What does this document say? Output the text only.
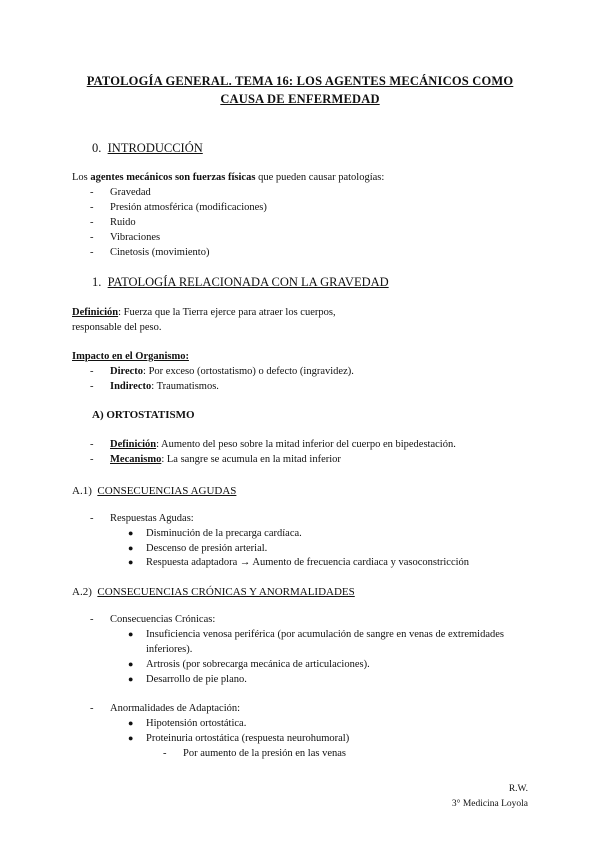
PATOLOGÍA GENERAL. TEMA 16: LOS AGENTES MECÁNICOS COMO
CAUSA DE ENFERMEDAD
0. INTRODUCCIÓN
Los agentes mecánicos son fuerzas físicas que pueden causar patologías:
- Gravedad
- Presión atmosférica (modificaciones)
- Ruido
- Vibraciones
- Cinetosis (movimiento)
1. PATOLOGÍA RELACIONADA CON LA GRAVEDAD
Definición: Fuerza que la Tierra ejerce para atraer los cuerpos,
responsable del peso.
Impacto en el Organismo:
- Directo: Por exceso (ortostatismo) o defecto (ingravidez).
- Indirecto: Traumatismos.
A) ORTOSTATISMO
- Definición: Aumento del peso sobre la mitad inferior del cuerpo en bipedestación.
- Mecanismo: La sangre se acumula en la mitad inferior
A.1) CONSECUENCIAS AGUDAS
- Respuestas Agudas:
● Disminución de la precarga cardíaca.
● Descenso de presión arterial.
● Respuesta adaptadora → Aumento de frecuencia cardiaca y vasoconstricción
A.2) CONSECUENCIAS CRÓNICAS Y ANORMALIDADES
- Consecuencias Crónicas:
● Insuficiencia venosa periférica (por acumulación de sangre en venas de extremidades
inferiores).
● Artrosis (por sobrecarga mecánica de articulaciones).
● Desarrollo de pie plano.
- Anormalidades de Adaptación:
● Hipotensión ortostática.
● Proteinuria ortostática (respuesta neurohumoral)
- Por aumento de la presión en las venas
R.W.
3° Medicina Loyola
